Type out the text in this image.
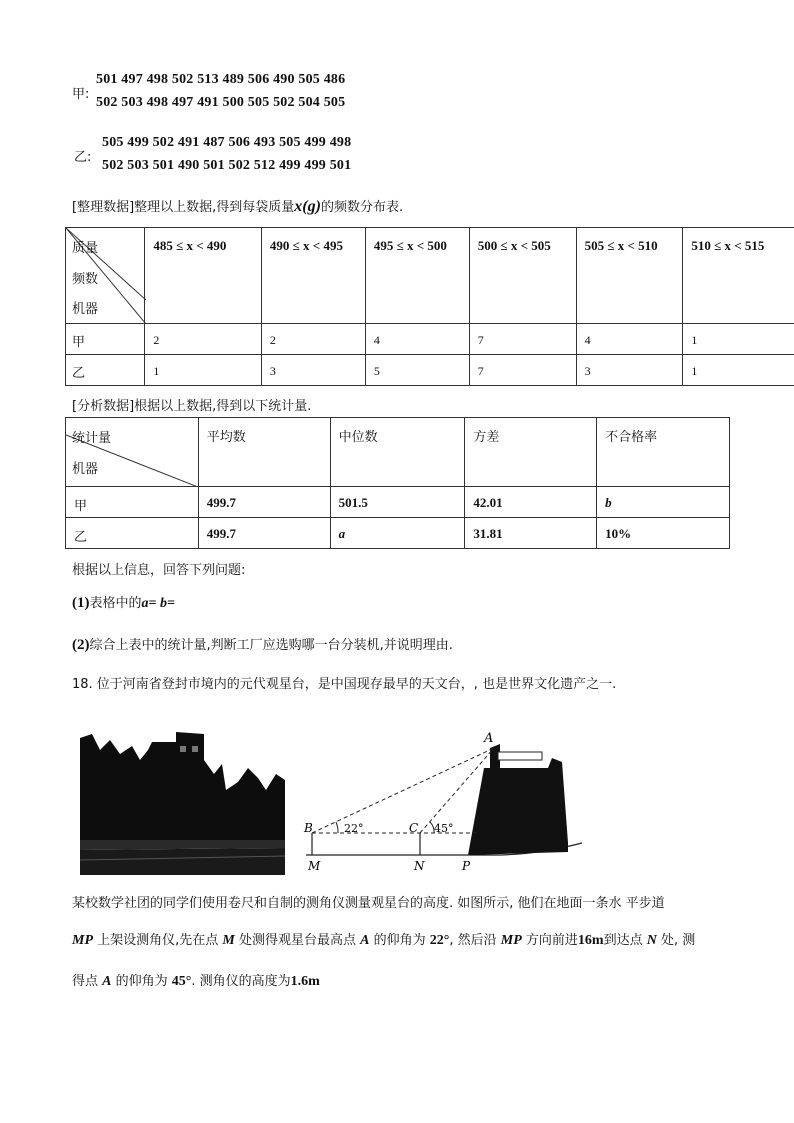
甲:
501 497 498 502 513 489 506 490 505 486
502 503 498 497 491 500 505 502 504 505
乙:
505 499 502 491 487 506 493 505 499 498
502 503 501 490 501 502 512 499 499 501
[整理数据]整理以上数据,得到每袋质量x(g)的频数分布表.
质量
频数
机器	485 ≤ x < 490	490 ≤ x < 495	495 ≤ x < 500	500 ≤ x < 505	505 ≤ x < 510	510 ≤ x < 515
甲	2	2	4	7	4	1
乙	1	3	5	7	3	1
[分析数据]根据以上数据,得到以下统计量.
统计量
机器	平均数	中位数	方差	不合格率
甲	499.7	501.5	42.01	b
乙	499.7	a	31.81	10%
根据以上信息，回答下列问题:
(1)表格中的a= b=
(2)综合上表中的统计量,判断工厂应选购哪一台分装机,并说明理由.
18. 位于河南省登封市境内的元代观星台，是中国现存最早的天文台，, 也是世界文化遗产之一.
A
B	22°	C 45°
M	N	P
某校数学社团的同学们使用卷尺和自制的测角仪测量观星台的高度. 如图所示, 他们在地面一条水 平步道
MP 上架设测角仪,先在点 M 处测得观星台最高点 A 的仰角为 22°, 然后沿 MP 方向前进16m到达点 N 处, 测
得点 A 的仰角为 45°. 测角仪的高度为1.6m
